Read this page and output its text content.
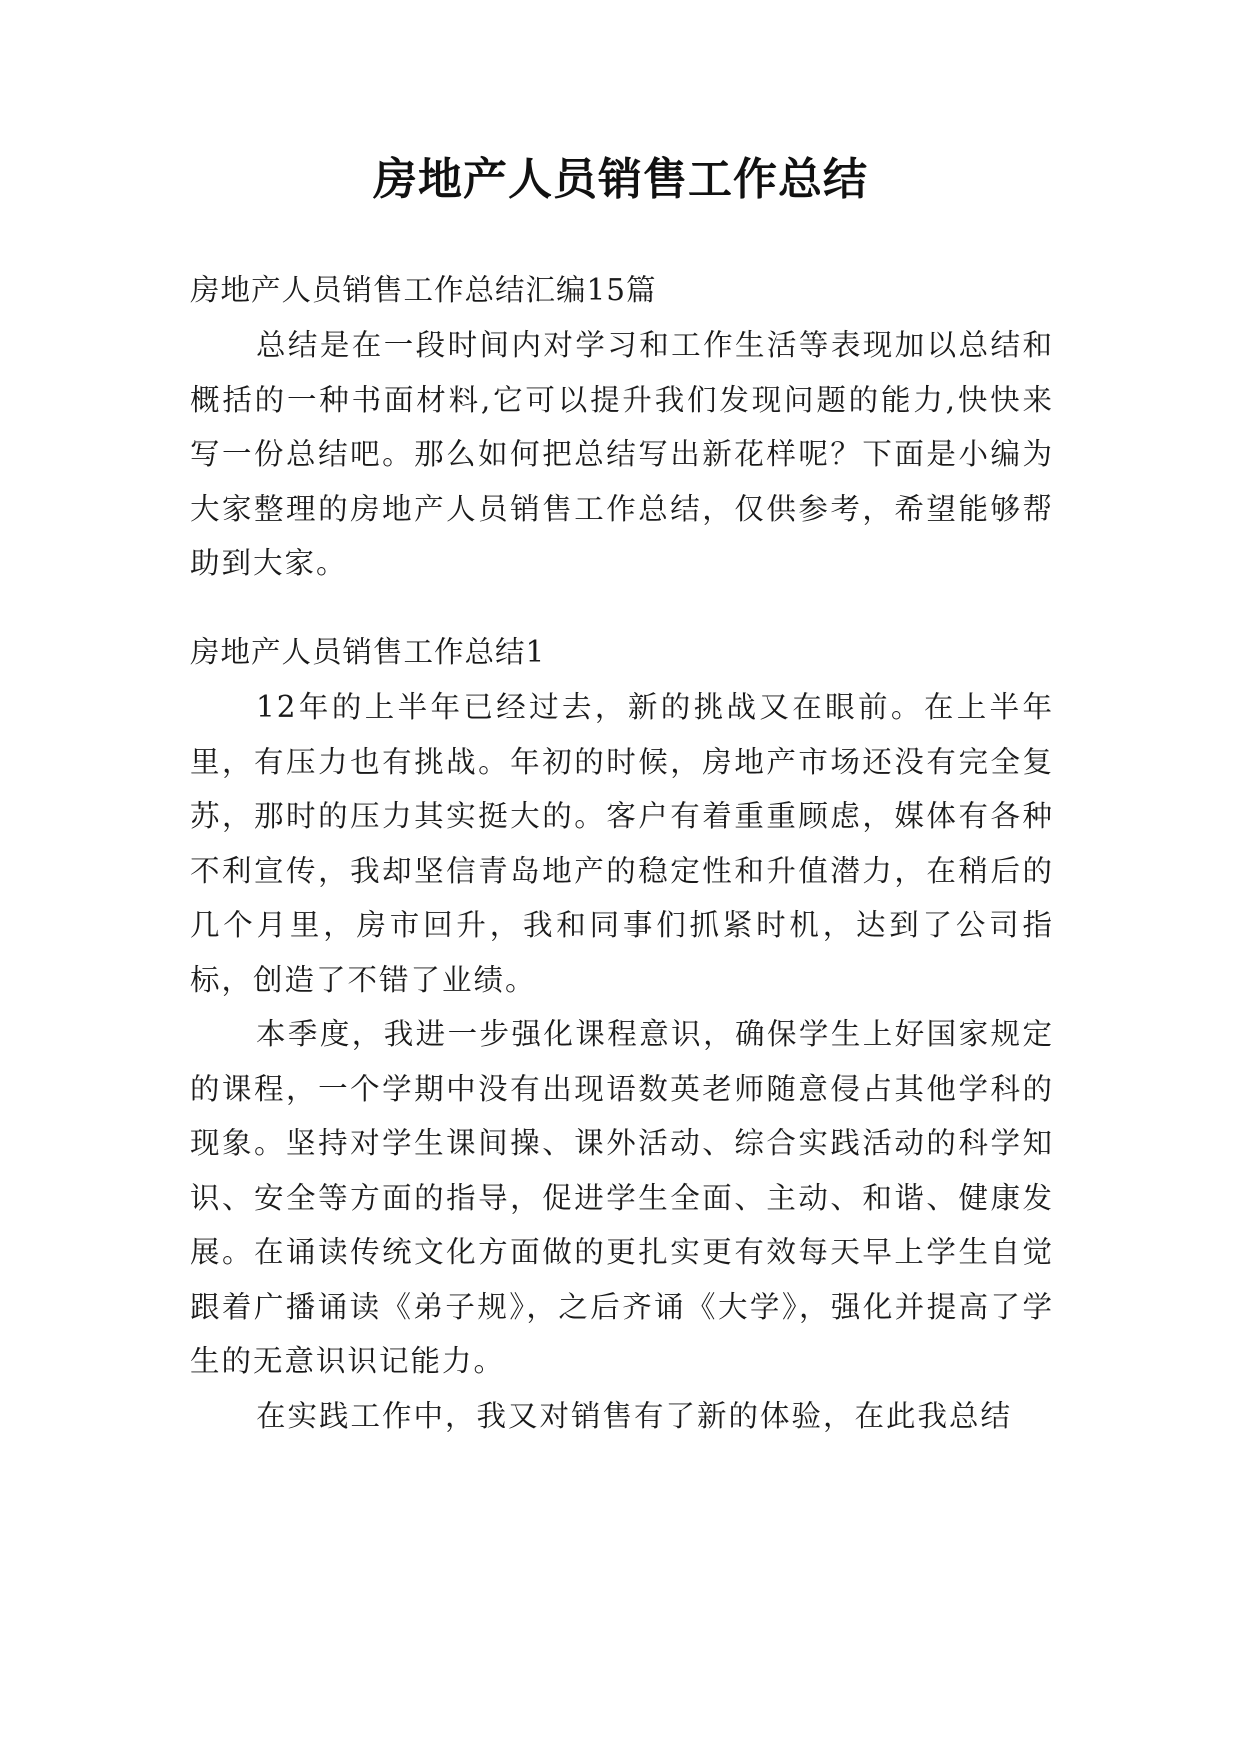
房地产人员销售工作总结
房地产人员销售工作总结汇编15篇

总结是在一段时间内对学习和工作生活等表现加以总结和概括的一种书面材料,它可以提升我们发现问题的能力,快快来写一份总结吧。那么如何把总结写出新花样呢？下面是小编为大家整理的房地产人员销售工作总结，仅供参考，希望能够帮助到大家。

房地产人员销售工作总结1

12年的上半年已经过去，新的挑战又在眼前。在上半年里，有压力也有挑战。年初的时候，房地产市场还没有完全复苏，那时的压力其实挺大的。客户有着重重顾虑，媒体有各种不利宣传，我却坚信青岛地产的稳定性和升值潜力，在稍后的几个月里，房市回升，我和同事们抓紧时机，达到了公司指标，创造了不错了业绩。

本季度，我进一步强化课程意识，确保学生上好国家规定的课程，一个学期中没有出现语数英老师随意侵占其他学科的现象。坚持对学生课间操、课外活动、综合实践活动的科学知识、安全等方面的指导，促进学生全面、主动、和谐、健康发展。在诵读传统文化方面做的更扎实更有效每天早上学生自觉跟着广播诵读《弟子规》，之后齐诵《大学》，强化并提高了学生的无意识识记能力。

在实践工作中，我又对销售有了新的体验，在此我总结
